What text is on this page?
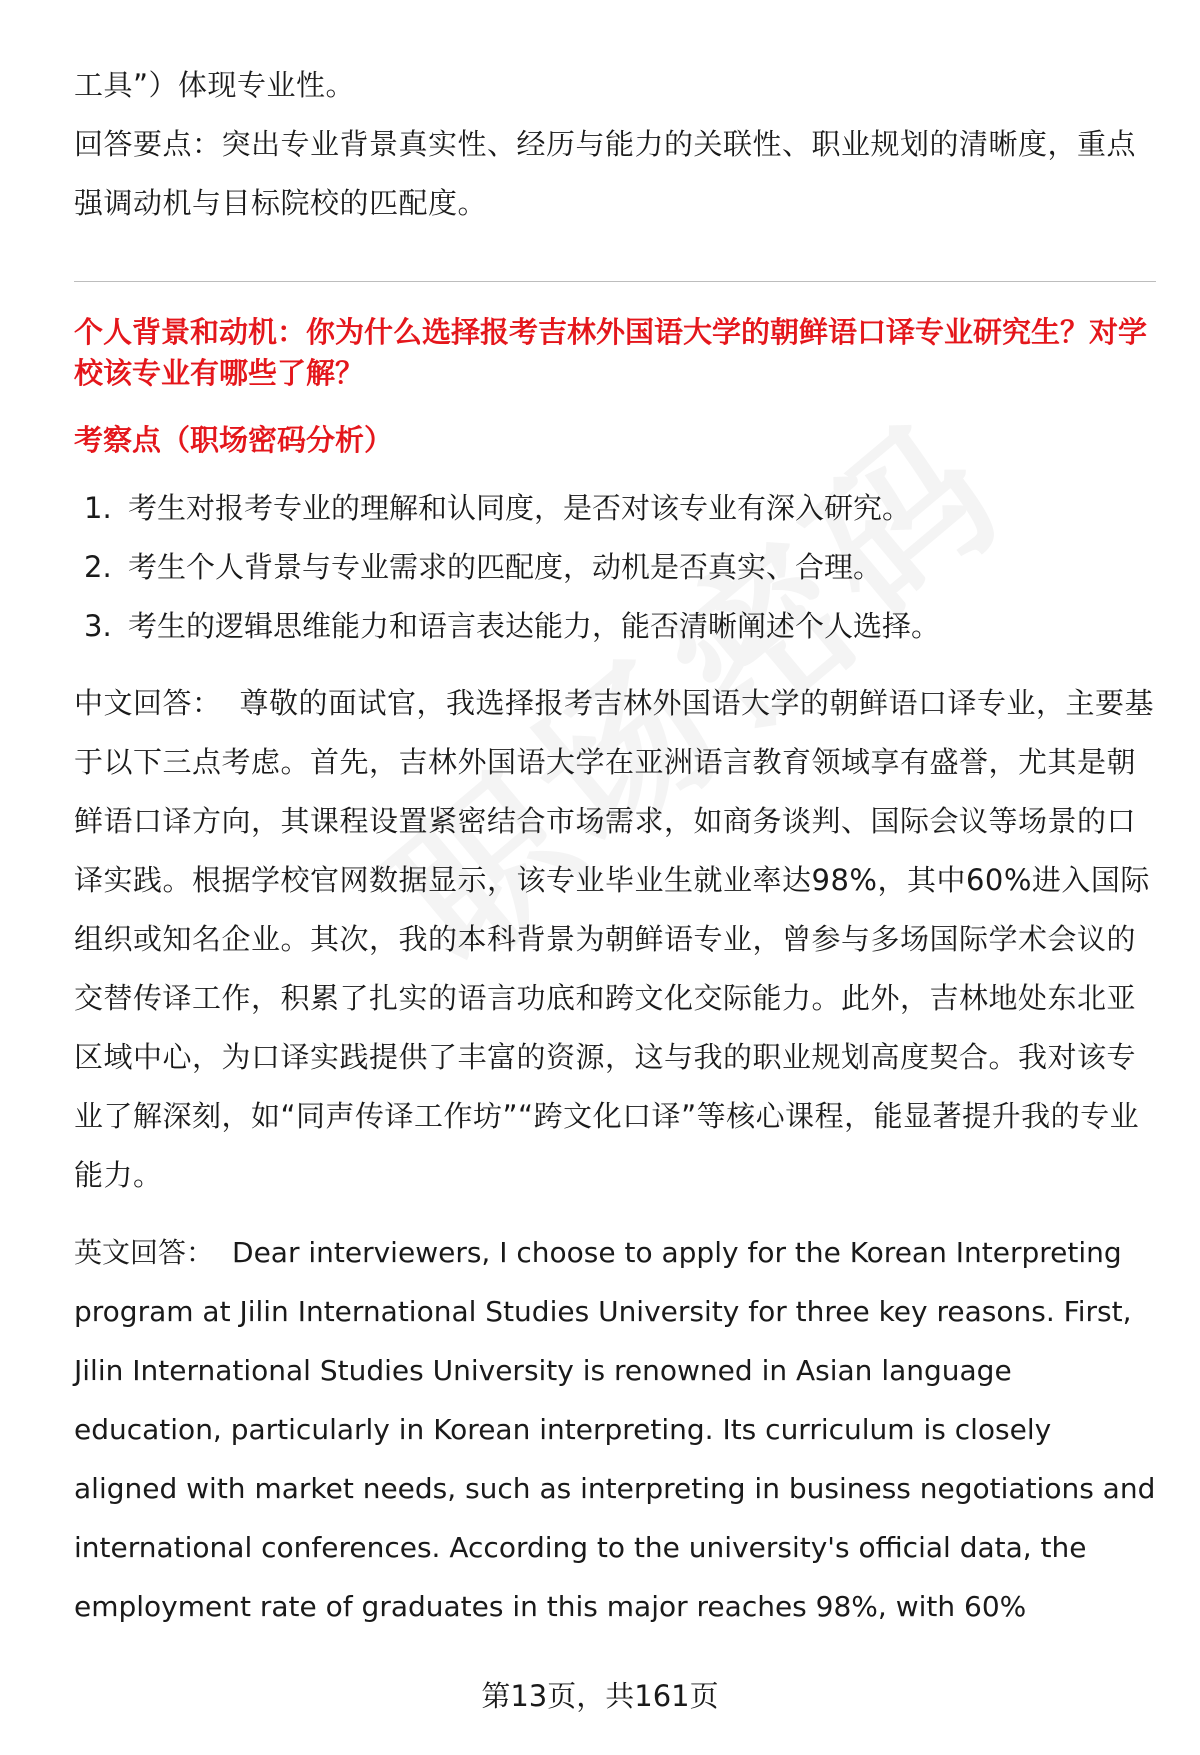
工具”）体现专业性。

回答要点：突出专业背景真实性、经历与能力的关联性、职业规划的清晰度，重点强调动机与目标院校的匹配度。

个人背景和动机：你为什么选择报考吉林外国语大学的朝鲜语口译专业研究生？对学校该专业有哪些了解？

考察点（职场密码分析）

1. 考生对报考专业的理解和认同度，是否对该专业有深入研究。
2. 考生个人背景与专业需求的匹配度，动机是否真实、合理。
3. 考生的逻辑思维能力和语言表达能力，能否清晰阐述个人选择。

中文回答： 尊敬的面试官，我选择报考吉林外国语大学的朝鲜语口译专业，主要基于以下三点考虑。首先，吉林外国语大学在亚洲语言教育领域享有盛誉，尤其是朝鲜语口译方向，其课程设置紧密结合市场需求，如商务谈判、国际会议等场景的口译实践。根据学校官网数据显示，该专业毕业生就业率达98%，其中60%进入国际组织或知名企业。其次，我的本科背景为朝鲜语专业，曾参与多场国际学术会议的交替传译工作，积累了扎实的语言功底和跨文化交际能力。此外，吉林地处东北亚区域中心，为口译实践提供了丰富的资源，这与我的职业规划高度契合。我对该专业了解深刻，如“同声传译工作坊”“跨文化口译”等核心课程，能显著提升我的专业能力。

英文回答： Dear interviewers, I choose to apply for the Korean Interpreting program at Jilin International Studies University for three key reasons. First, Jilin International Studies University is renowned in Asian language education, particularly in Korean interpreting. Its curriculum is closely aligned with market needs, such as interpreting in business negotiations and international conferences. According to the university's official data, the employment rate of graduates in this major reaches 98%, with 60%

第13页，共161页
